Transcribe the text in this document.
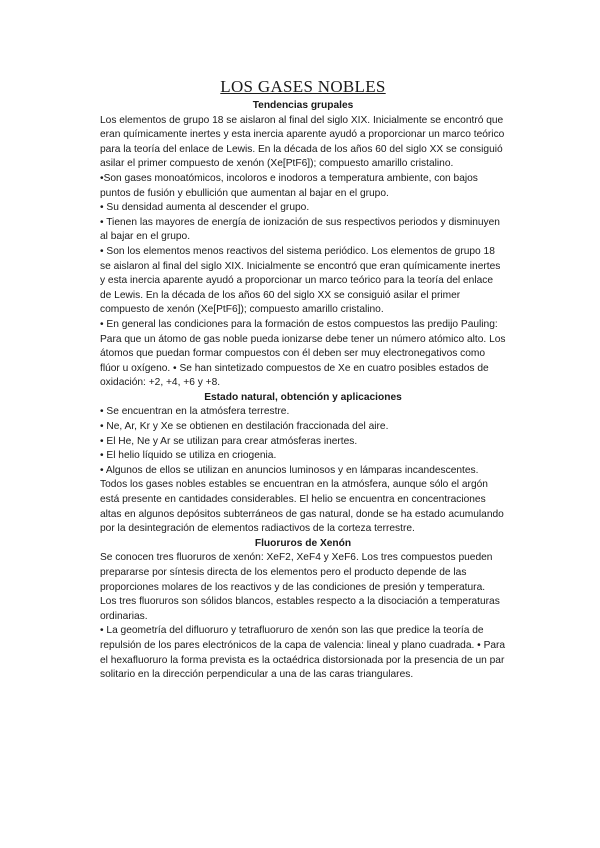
LOS GASES NOBLES
Tendencias grupales

Los elementos de grupo 18 se aislaron al final del siglo XIX. Inicialmente se encontró que eran químicamente inertes y esta inercia aparente ayudó a proporcionar un marco teórico para la teoría del enlace de Lewis. En la década de los años 60 del siglo XX se consiguió asilar el primer compuesto de xenón (Xe[PtF6]); compuesto amarillo cristalino.

•Son gases monoatómicos, incoloros e inodoros a temperatura ambiente, con bajos puntos de fusión y ebullición que aumentan al bajar en el grupo.

• Su densidad aumenta al descender el grupo.

• Tienen las mayores de energía de ionización de sus respectivos periodos y disminuyen al bajar en el grupo.

• Son los elementos menos reactivos del sistema periódico. Los elementos de grupo 18 se aislaron al final del siglo XIX. Inicialmente se encontró que eran químicamente inertes y esta inercia aparente ayudó a proporcionar un marco teórico para la teoría del enlace de Lewis. En la década de los años 60 del siglo XX se consiguió asilar el primer compuesto de xenón (Xe[PtF6]); compuesto amarillo cristalino.

• En general las condiciones para la formación de estos compuestos las predijo Pauling: Para que un átomo de gas noble pueda ionizarse debe tener un número atómico alto. Los átomos que puedan formar compuestos con él deben ser muy electronegativos como flúor u oxígeno. • Se han sintetizado compuestos de Xe en cuatro posibles estados de oxidación: +2, +4, +6 y +8.

Estado natural, obtención y aplicaciones

• Se encuentran en la atmósfera terrestre.

• Ne, Ar, Kr y Xe se obtienen en destilación fraccionada del aire.

• El He, Ne y Ar se utilizan para crear atmósferas inertes.

• El helio líquido se utiliza en criogenia.

• Algunos de ellos se utilizan en anuncios luminosos y en lámparas incandescentes.

Todos los gases nobles estables se encuentran en la atmósfera, aunque sólo el argón está presente en cantidades considerables. El helio se encuentra en concentraciones altas en algunos depósitos subterráneos de gas natural, donde se ha estado acumulando por la desintegración de elementos radiactivos de la corteza terrestre.

Fluoruros de Xenón

Se conocen tres fluoruros de xenón: XeF2, XeF4 y XeF6. Los tres compuestos pueden prepararse por síntesis directa de los elementos pero el producto depende de las proporciones molares de los reactivos y de las condiciones de presión y temperatura.

Los tres fluoruros son sólidos blancos, estables respecto a la disociación a temperaturas ordinarias.

• La geometría del difluoruro y tetrafluoruro de xenón son las que predice la teoría de repulsión de los pares electrónicos de la capa de valencia: lineal y plano cuadrada. • Para el hexafluoruro la forma prevista es la octaédrica distorsionada por la presencia de un par solitario en la dirección perpendicular a una de las caras triangulares.
